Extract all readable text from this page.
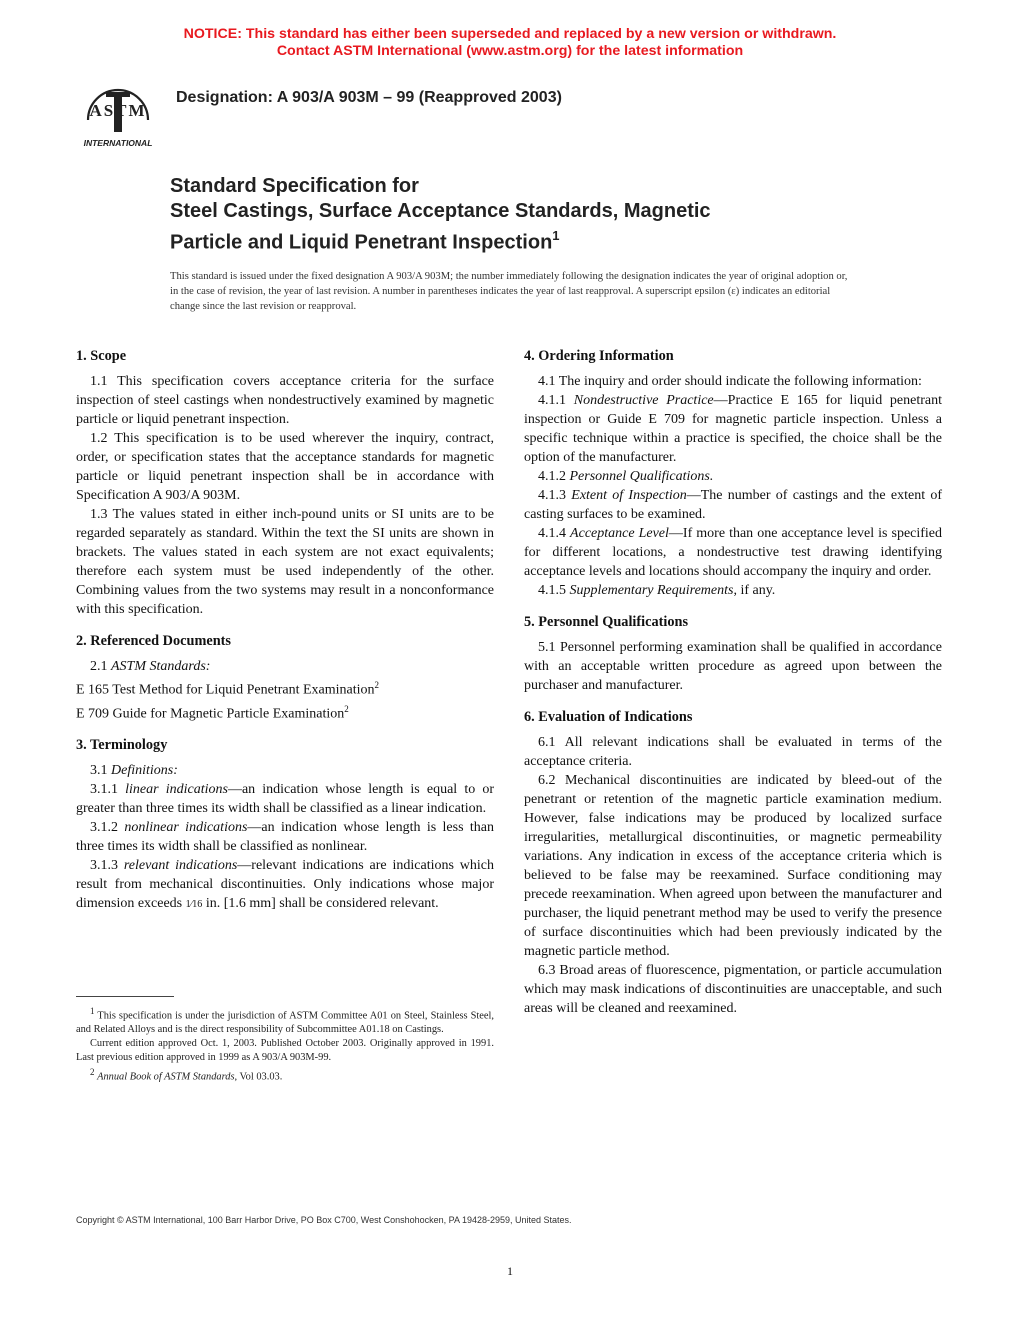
NOTICE: This standard has either been superseded and replaced by a new version or withdrawn.
Contact ASTM International (www.astm.org) for the latest information
ASTM
INTERNATIONAL
Designation: A 903/A 903M – 99 (Reapproved 2003)
Standard Specification for
Steel Castings, Surface Acceptance Standards, Magnetic
Particle and Liquid Penetrant Inspection$^1$
This standard is issued under the fixed designation A 903/A 903M; the number immediately following the designation indicates the year of original adoption or, in the case of revision, the year of last revision. A number in parentheses indicates the year of last reapproval. A superscript epsilon (ε) indicates an editorial change since the last revision or reapproval.
1. Scope

1.1 This specification covers acceptance criteria for the surface inspection of steel castings when nondestructively examined by magnetic particle or liquid penetrant inspection.

1.2 This specification is to be used wherever the inquiry, contract, order, or specification states that the acceptance standards for magnetic particle or liquid penetrant inspection shall be in accordance with Specification A 903/A 903M.

1.3 The values stated in either inch-pound units or SI units are to be regarded separately as standard. Within the text the SI units are shown in brackets. The values stated in each system are not exact equivalents; therefore each system must be used independently of the other. Combining values from the two systems may result in a nonconformance with this specification.

2. Referenced Documents

2.1 ASTM Standards:

E 165 Test Method for Liquid Penetrant Examination$^2$

E 709 Guide for Magnetic Particle Examination$^2$

3. Terminology

3.1 Definitions:

3.1.1 linear indications—an indication whose length is equal to or greater than three times its width shall be classified as a linear indication.

3.1.2 nonlinear indications—an indication whose length is less than three times its width shall be classified as nonlinear.

3.1.3 relevant indications—relevant indications are indications which result from mechanical discontinuities. Only indications whose major dimension exceeds 1⁄16 in. [1.6 mm] shall be considered relevant.

4. Ordering Information

4.1 The inquiry and order should indicate the following information:

4.1.1 Nondestructive Practice—Practice E 165 for liquid penetrant inspection or Guide E 709 for magnetic particle inspection. Unless a specific technique within a practice is specified, the choice shall be the option of the manufacturer.

4.1.2 Personnel Qualifications.

4.1.3 Extent of Inspection—The number of castings and the extent of casting surfaces to be examined.

4.1.4 Acceptance Level—If more than one acceptance level is specified for different locations, a nondestructive test drawing identifying acceptance levels and locations should accompany the inquiry and order.

4.1.5 Supplementary Requirements, if any.

5. Personnel Qualifications

5.1 Personnel performing examination shall be qualified in accordance with an acceptable written procedure as agreed upon between the purchaser and manufacturer.

6. Evaluation of Indications

6.1 All relevant indications shall be evaluated in terms of the acceptance criteria.

6.2 Mechanical discontinuities are indicated by bleed-out of the penetrant or retention of the magnetic particle examination medium. However, false indications may be produced by localized surface irregularities, metallurgical discontinuities, or magnetic permeability variations. Any indication in excess of the acceptance criteria which is believed to be false may be reexamined. Surface conditioning may precede reexamination. When agreed upon between the manufacturer and purchaser, the liquid penetrant method may be used to verify the presence of surface discontinuities which had been previously indicated by the magnetic particle method.

6.3 Broad areas of fluorescence, pigmentation, or particle accumulation which may mask indications of discontinuities are unacceptable, and such areas will be cleaned and reexamined.

$^1$ This specification is under the jurisdiction of ASTM Committee A01 on Steel, Stainless Steel, and Related Alloys and is the direct responsibility of Subcommittee A01.18 on Castings.

Current edition approved Oct. 1, 2003. Published October 2003. Originally approved in 1991. Last previous edition approved in 1999 as A 903/A 903M-99.

$^2$ Annual Book of ASTM Standards, Vol 03.03.

Copyright © ASTM International, 100 Barr Harbor Drive, PO Box C700, West Conshohocken, PA 19428-2959, United States.
1
